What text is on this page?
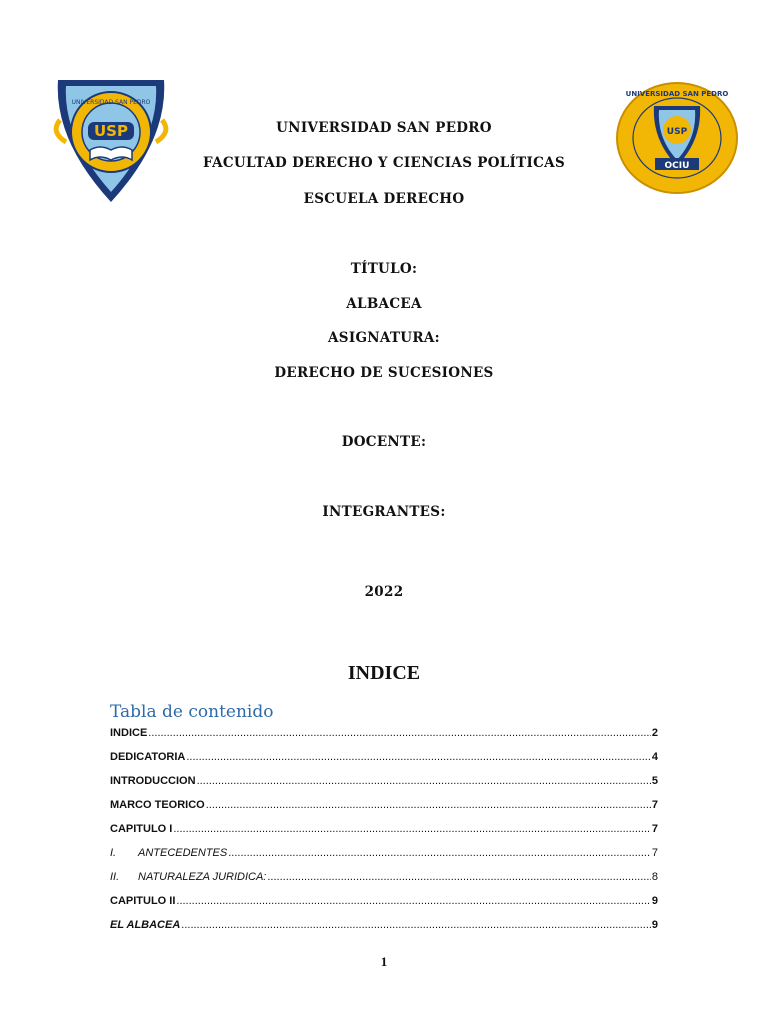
UNIVERSIDAD SAN PEDRO
USP
UNIVERSIDAD SAN PEDRO
USP
OCIU
UNIVERSIDAD SAN PEDRO
FACULTAD DERECHO Y CIENCIAS POLÍTICAS
ESCUELA DERECHO
TÍTULO:
ALBACEA
ASIGNATURA:
DERECHO DE SUCESIONES
DOCENTE:
INTEGRANTES:
2022
INDICE
Tabla de contenido
INDICE .....	2
DEDICATORIA .....	4
INTRODUCCION .....	5
MARCO TEORICO .....	7
CAPITULO I .....	7
I.	ANTECEDENTES .....	7
II.	NATURALEZA JURIDICA: .....	8
CAPITULO II .....	9
EL ALBACEA .....	9
1
